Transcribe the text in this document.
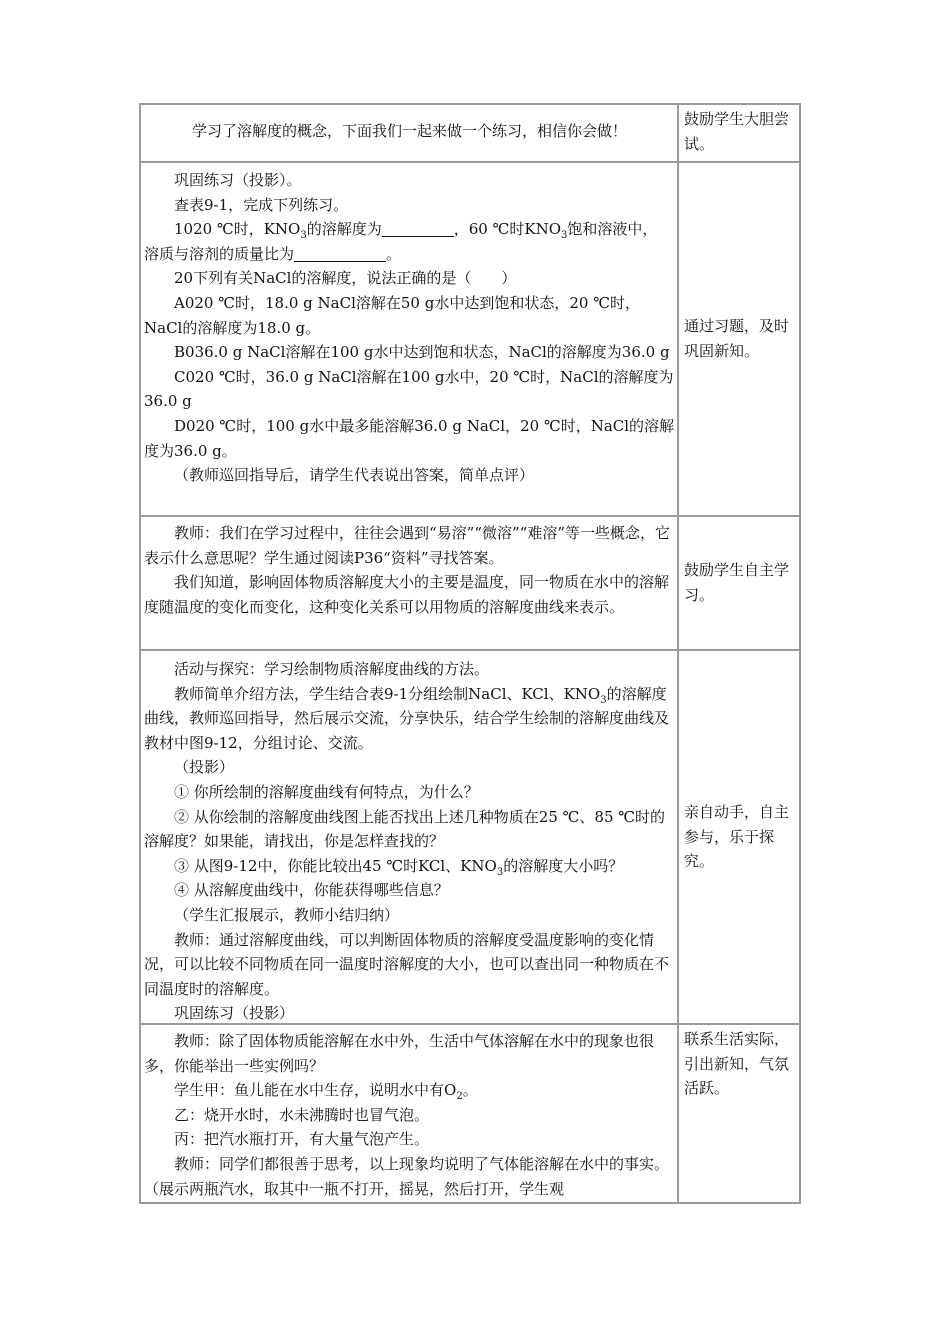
学习了溶解度的概念，下面我们一起来做一个练习，相信你会做！

鼓励学生大胆尝试。

巩固练习（投影）。

查表9-1，完成下列练习。

1020 ℃时，$KNO_3$的溶解度为	，60 ℃时$KNO_3$饱和溶液中，

溶质与溶剂的质量比为	。

20下列有关NaCl的溶解度，说法正确的是（　　）

A020 ℃时，18.0 g NaCl溶解在50 g水中达到饱和状态，20 ℃时，NaCl的溶解度为18.0 g。

B036.0 g NaCl溶解在100 g水中达到饱和状态，NaCl的溶解度为36.0 g

C020 ℃时，36.0 g NaCl溶解在100 g水中，20 ℃时，NaCl的溶解度为36.0 g

D020 ℃时，100 g水中最多能溶解36.0 g NaCl，20 ℃时，NaCl的溶解度为36.0 g。

（教师巡回指导后，请学生代表说出答案，简单点评）

通过习题，及时巩固新知。

教师：我们在学习过程中，往往会遇到“易溶”“微溶”“难溶”等一些概念，它表示什么意思呢？学生通过阅读P36“资料”寻找答案。

我们知道，影响固体物质溶解度大小的主要是温度，同一物质在水中的溶解度随温度的变化而变化，这种变化关系可以用物质的溶解度曲线来表示。

鼓励学生自主学习。

活动与探究：学习绘制物质溶解度曲线的方法。

教师简单介绍方法，学生结合表9-1分组绘制NaCl、KCl、$KNO_3$的溶解度曲线，教师巡回指导，然后展示交流，分享快乐，结合学生绘制的溶解度曲线及教材中图9-12，分组讨论、交流。

（投影）

① 你所绘制的溶解度曲线有何特点，为什么？

② 从你绘制的溶解度曲线图上能否找出上述几种物质在25 ℃、85 ℃时的溶解度？如果能，请找出，你是怎样查找的？

③ 从图9-12中，你能比较出45 ℃时KCl、$KNO_3$的溶解度大小吗？

④ 从溶解度曲线中，你能获得哪些信息？

（学生汇报展示，教师小结归纳）

教师：通过溶解度曲线，可以判断固体物质的溶解度受温度影响的变化情况，可以比较不同物质在同一温度时溶解度的大小，也可以查出同一种物质在不同温度时的溶解度。

巩固练习（投影）

亲自动手，自主参与，乐于探究。

教师：除了固体物质能溶解在水中外，生活中气体溶解在水中的现象也很多，你能举出一些实例吗？

学生甲：鱼儿能在水中生存，说明水中有$O_2$。

乙：烧开水时，水未沸腾时也冒气泡。

丙：把汽水瓶打开，有大量气泡产生。

教师：同学们都很善于思考，以上现象均说明了气体能溶解在水中的事实。（展示两瓶汽水，取其中一瓶不打开，摇晃，然后打开，学生观

联系生活实际，引出新知，气氛活跃。
